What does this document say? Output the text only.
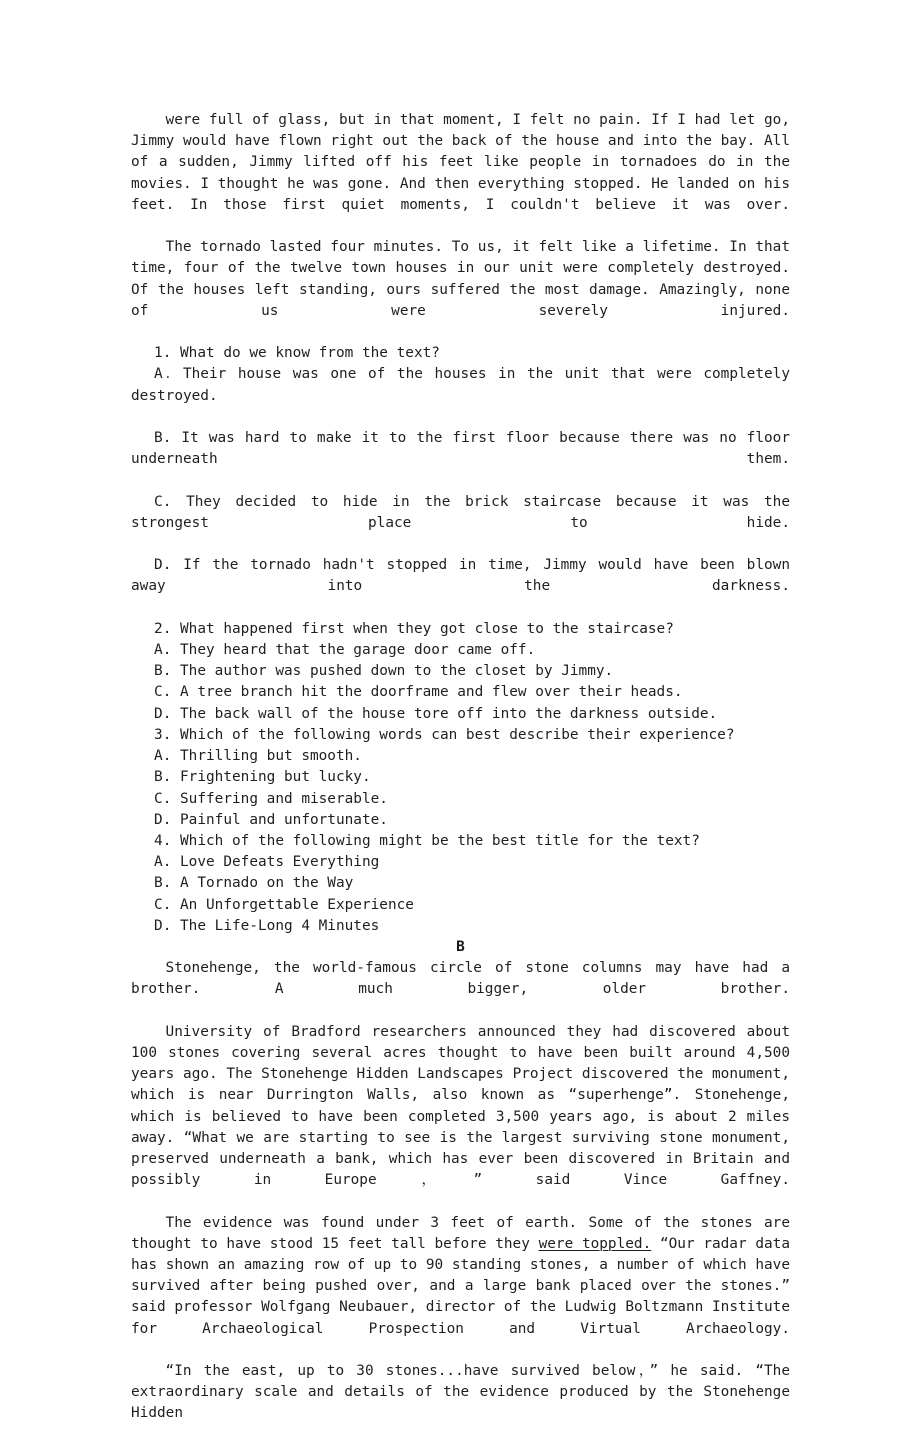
were full of glass, but in that moment, I felt no pain. If I had let go, Jimmy would have flown right out the back of the house and into the bay. All of a sudden, Jimmy lifted off his feet like people in tornadoes do in the movies. I thought he was gone. And then everything stopped. He landed on his feet. In those first quiet moments, I couldn't believe it was over.

The tornado lasted four minutes. To us, it felt like a lifetime. In that time, four of the twelve town houses in our unit were completely destroyed. Of the houses left standing, ours suffered the most damage. Amazingly, none of us were severely injured.

1. What do we know from the text?

A．Their house was one of the houses in the unit that were completely destroyed.

B. It was hard to make it to the first floor because there was no floor underneath them.

C. They decided to hide in the brick staircase because it was the strongest place to hide.

D. If the tornado hadn't stopped in time, Jimmy would have been blown away into the darkness.

2. What happened first when they got close to the staircase?

A. They heard that the garage door came off.

B. The author was pushed down to the closet by Jimmy.

C. A tree branch hit the doorframe and flew over their heads.

D. The back wall of the house tore off into the darkness outside.

3. Which of the following words can best describe their experience?

A. Thrilling but smooth.

B. Frightening but lucky.

C. Suffering and miserable.

D. Painful and unfortunate.

4. Which of the following might be the best title for the text?

A. Love Defeats Everything

B. A Tornado on the Way

C. An Unforgettable Experience

D. The Life-Long 4 Minutes

B

Stonehenge, the world-famous circle of stone columns may have had a brother. A much bigger, older brother.

University of Bradford researchers announced they had discovered about 100 stones covering several acres thought to have been built around 4,500 years ago. The Stonehenge Hidden Landscapes Project discovered the monument, which is near Durrington Walls, also known as “superhenge”. Stonehenge, which is believed to have been completed 3,500 years ago, is about 2 miles away. “What we are starting to see is the largest surviving stone monument, preserved underneath a bank, which has ever been discovered in Britain and possibly in Europe，” said Vince Gaffney.

The evidence was found under 3 feet of earth. Some of the stones are thought to have stood 15 feet tall before they were toppled. “Our radar data has shown an amazing row of up to 90 standing stones, a number of which have survived after being pushed over, and a large bank placed over the stones.” said professor Wolfgang Neubauer, director of the Ludwig Boltzmann Institute for Archaeological Prospection and Virtual Archaeology.

“In the east, up to 30 stones...have survived below，” he said. “The extraordinary scale and details of the evidence produced by the Stonehenge Hidden
